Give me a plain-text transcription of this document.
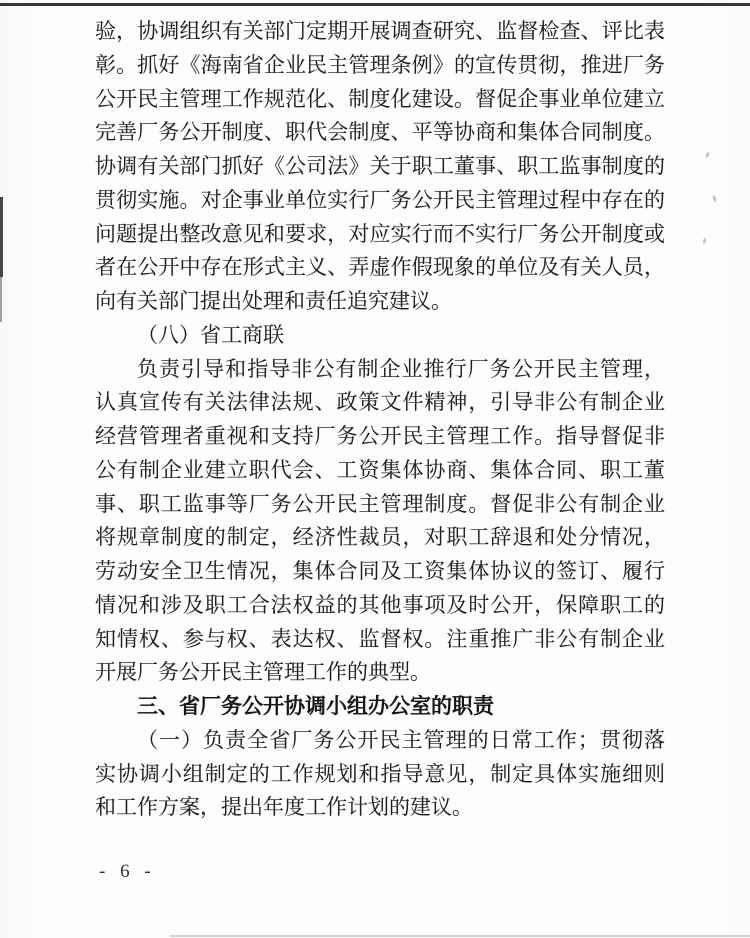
验，协调组织有关部门定期开展调查研究、监督检查、评比表
彰。抓好《海南省企业民主管理条例》的宣传贯彻，推进厂务
公开民主管理工作规范化、制度化建设。督促企事业单位建立
完善厂务公开制度、职代会制度、平等协商和集体合同制度。
协调有关部门抓好《公司法》关于职工董事、职工监事制度的
贯彻实施。对企事业单位实行厂务公开民主管理过程中存在的
问题提出整改意见和要求，对应实行而不实行厂务公开制度或
者在公开中存在形式主义、弄虚作假现象的单位及有关人员，
向有关部门提出处理和责任追究建议。
（八）省工商联
负责引导和指导非公有制企业推行厂务公开民主管理，
认真宣传有关法律法规、政策文件精神，引导非公有制企业
经营管理者重视和支持厂务公开民主管理工作。指导督促非
公有制企业建立职代会、工资集体协商、集体合同、职工董
事、职工监事等厂务公开民主管理制度。督促非公有制企业
将规章制度的制定，经济性裁员，对职工辞退和处分情况，
劳动安全卫生情况，集体合同及工资集体协议的签订、履行
情况和涉及职工合法权益的其他事项及时公开，保障职工的
知情权、参与权、表达权、监督权。注重推广非公有制企业
开展厂务公开民主管理工作的典型。
三、省厂务公开协调小组办公室的职责
（一）负责全省厂务公开民主管理的日常工作；贯彻落
实协调小组制定的工作规划和指导意见，制定具体实施细则
和工作方案，提出年度工作计划的建议。
- 6 -
